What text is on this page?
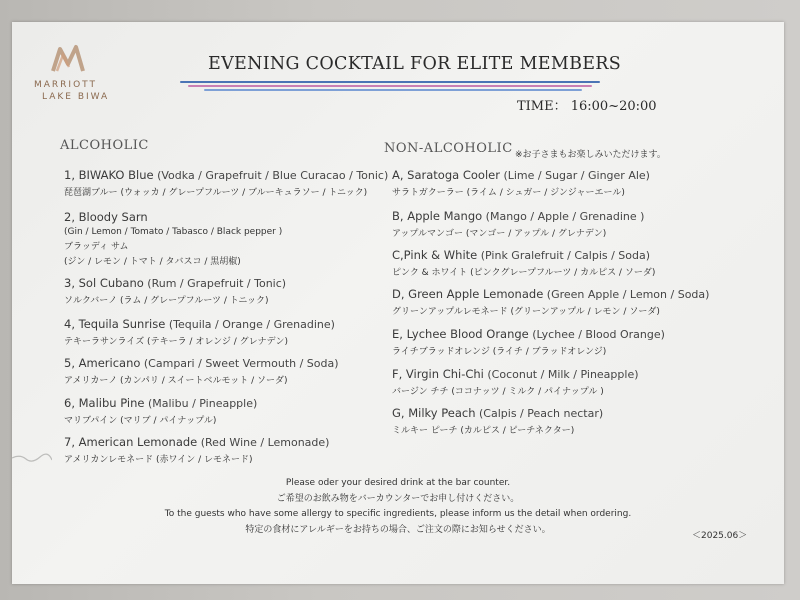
MARRIOTT
LAKE BIWA
EVENING COCKTAIL FOR ELITE MEMBERS
TIME： 16:00~20:00
ALCOHOLIC	NON-ALCOHOLIC ※お子さまもお楽しみいただけます。
1, BIWAKO Blue (Vodka / Grapefruit / Blue Curacao / Tonic)
琵琶湖ブルー (ウォッカ / グレープフルーツ / ブルーキュラソー / トニック)
2, Bloody Sarn
(Gin / Lemon / Tomato / Tabasco / Black pepper )
ブラッディ サム
(ジン / レモン / トマト / タバスコ / 黒胡椒)
3, Sol Cubano (Rum / Grapefruit / Tonic)
ソルクバーノ (ラム / グレープフルーツ / トニック)
4, Tequila Sunrise (Tequila / Orange / Grenadine)
テキーラサンライズ (テキーラ / オレンジ / グレナデン)
5, Americano (Campari / Sweet Vermouth / Soda)
アメリカーノ (カンパリ / スイートベルモット / ソーダ)
6, Malibu Pine (Malibu / Pineapple)
マリブパイン (マリブ / パイナップル)
7, American Lemonade (Red Wine / Lemonade)
アメリカンレモネード (赤ワイン / レモネード)
A, Saratoga Cooler (Lime / Sugar / Ginger Ale)
サラトガクーラー (ライム / シュガー / ジンジャーエール)
B, Apple Mango (Mango / Apple / Grenadine )
アップルマンゴー (マンゴー / アップル / グレナデン)
C,Pink & White (Pink Gralefruit / Calpis / Soda)
ピンク & ホワイト (ピンクグレープフルーツ / カルピス / ソーダ)
D, Green Apple Lemonade (Green Apple / Lemon / Soda)
グリーンアップルレモネード (グリーンアップル / レモン / ソーダ)
E, Lychee Blood Orange (Lychee / Blood Orange)
ライチブラッドオレンジ (ライチ / ブラッドオレンジ)
F, Virgin Chi-Chi (Coconut / Milk / Pineapple)
バージン チチ (ココナッツ / ミルク / パイナップル )
G, Milky Peach (Calpis / Peach nectar)
ミルキー ピーチ (カルピス / ピーチネクター)
Please oder your desired drink at the bar counter.
ご希望のお飲み物をバーカウンターでお申し付けください。
To the guests who have some allergy to specific ingredients, please inform us the detail when ordering.
特定の食材にアレルギーをお持ちの場合、ご注文の際にお知らせください。
＜2025.06＞
